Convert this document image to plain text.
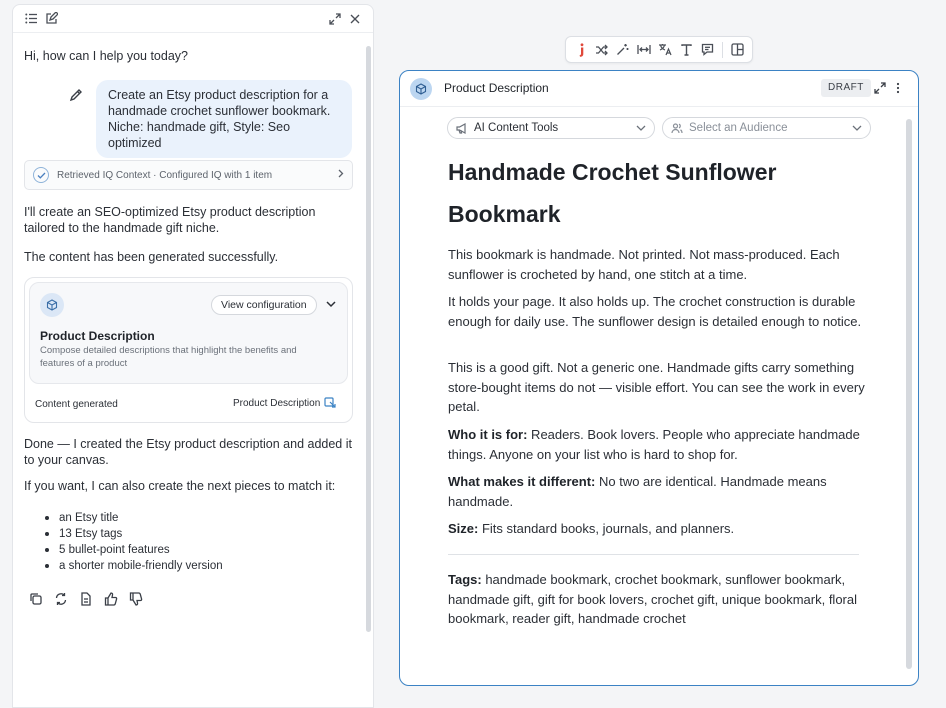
Hi, how can I help you today?
Create an Etsy product description for a handmade crochet sunflower bookmark. Niche: handmade gift, Style: Seo optimized
Retrieved IQ Context · Configured IQ with 1 item
I'll create an SEO-optimized Etsy product description tailored to the handmade gift niche.
The content has been generated successfully.
View configuration
Product Description
Compose detailed descriptions that highlight the benefits and features of a product
Content generated	Product Description
Done — I created the Etsy product description and added it to your canvas.
If you want, I can also create the next pieces to match it:
an Etsy title
13 Etsy tags
5 bullet-point features
a shorter mobile-friendly version
Product Description	DRAFT
AI Content Tools	Select an Audience
Handmade Crochet Sunflower Bookmark
This bookmark is handmade. Not printed. Not mass-produced. Each sunflower is crocheted by hand, one stitch at a time.
It holds your page. It also holds up. The crochet construction is durable enough for daily use. The sunflower design is detailed enough to notice.
This is a good gift. Not a generic one. Handmade gifts carry something store-bought items do not — visible effort. You can see the work in every petal.
Who it is for: Readers. Book lovers. People who appreciate handmade things. Anyone on your list who is hard to shop for.
What makes it different: No two are identical. Handmade means handmade.
Size: Fits standard books, journals, and planners.
Tags: handmade bookmark, crochet bookmark, sunflower bookmark, handmade gift, gift for book lovers, crochet gift, unique bookmark, floral bookmark, reader gift, handmade crochet
